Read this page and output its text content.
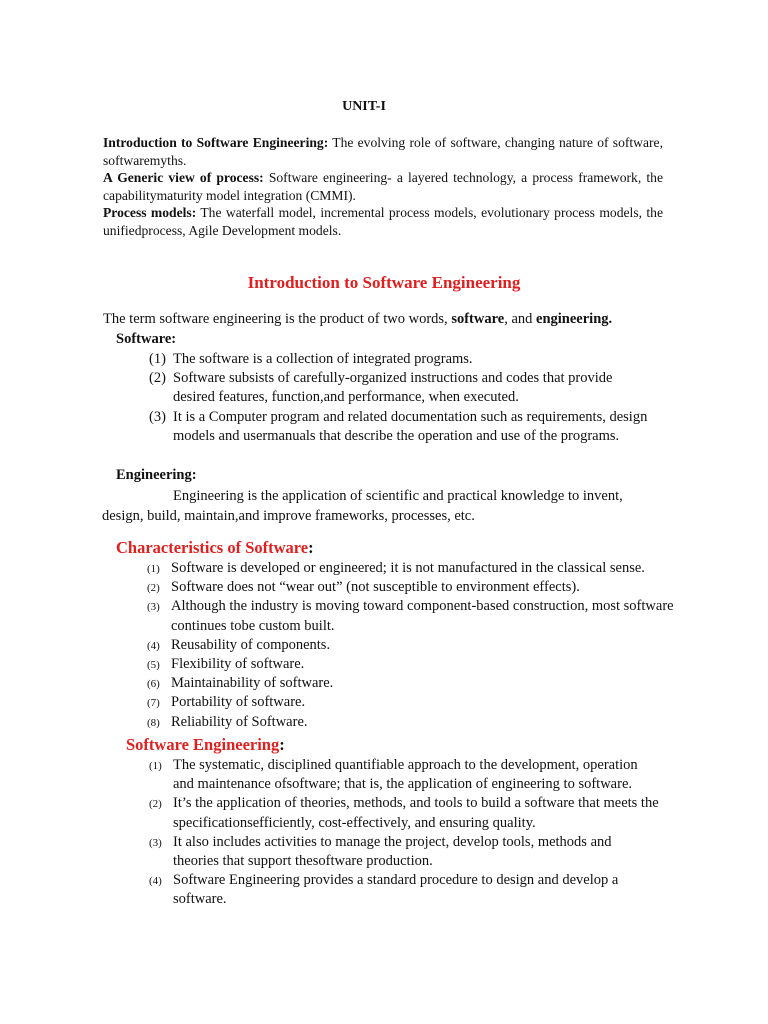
UNIT-I

Introduction to Software Engineering: The evolving role of software, changing nature of software, softwaremyths.

A Generic view of process: Software engineering- a layered technology, a process framework, the capabilitymaturity model integration (CMMI).

Process models: The waterfall model, incremental process models, evolutionary process models, the unifiedprocess, Agile Development models.

Introduction to Software Engineering
The term software engineering is the product of two words, software, and engineering.
Software:
(1) The software is a collection of integrated programs.
(2) Software subsists of carefully-organized instructions and codes that provide desired features, function,and performance, when executed.
(3) It is a Computer program and related documentation such as requirements, design models and usermanuals that describe the operation and use of the programs.
Engineering:
Engineering is the application of scientific and practical knowledge to invent, design, build, maintain,and improve frameworks, processes, etc.
Characteristics of Software:
(1) Software is developed or engineered; it is not manufactured in the classical sense.
(2) Software does not “wear out” (not susceptible to environment effects).
(3) Although the industry is moving toward component-based construction, most software continues tobe custom built.
(4) Reusability of components.
(5) Flexibility of software.
(6) Maintainability of software.
(7) Portability of software.
(8) Reliability of Software.
Software Engineering:
(1) The systematic, disciplined quantifiable approach to the development, operation and maintenance ofsoftware; that is, the application of engineering to software.
(2) It’s the application of theories, methods, and tools to build a software that meets the specificationsefficiently, cost-effectively, and ensuring quality.
(3) It also includes activities to manage the project, develop tools, methods and theories that support thesoftware production.
(4) Software Engineering provides a standard procedure to design and develop a software.
